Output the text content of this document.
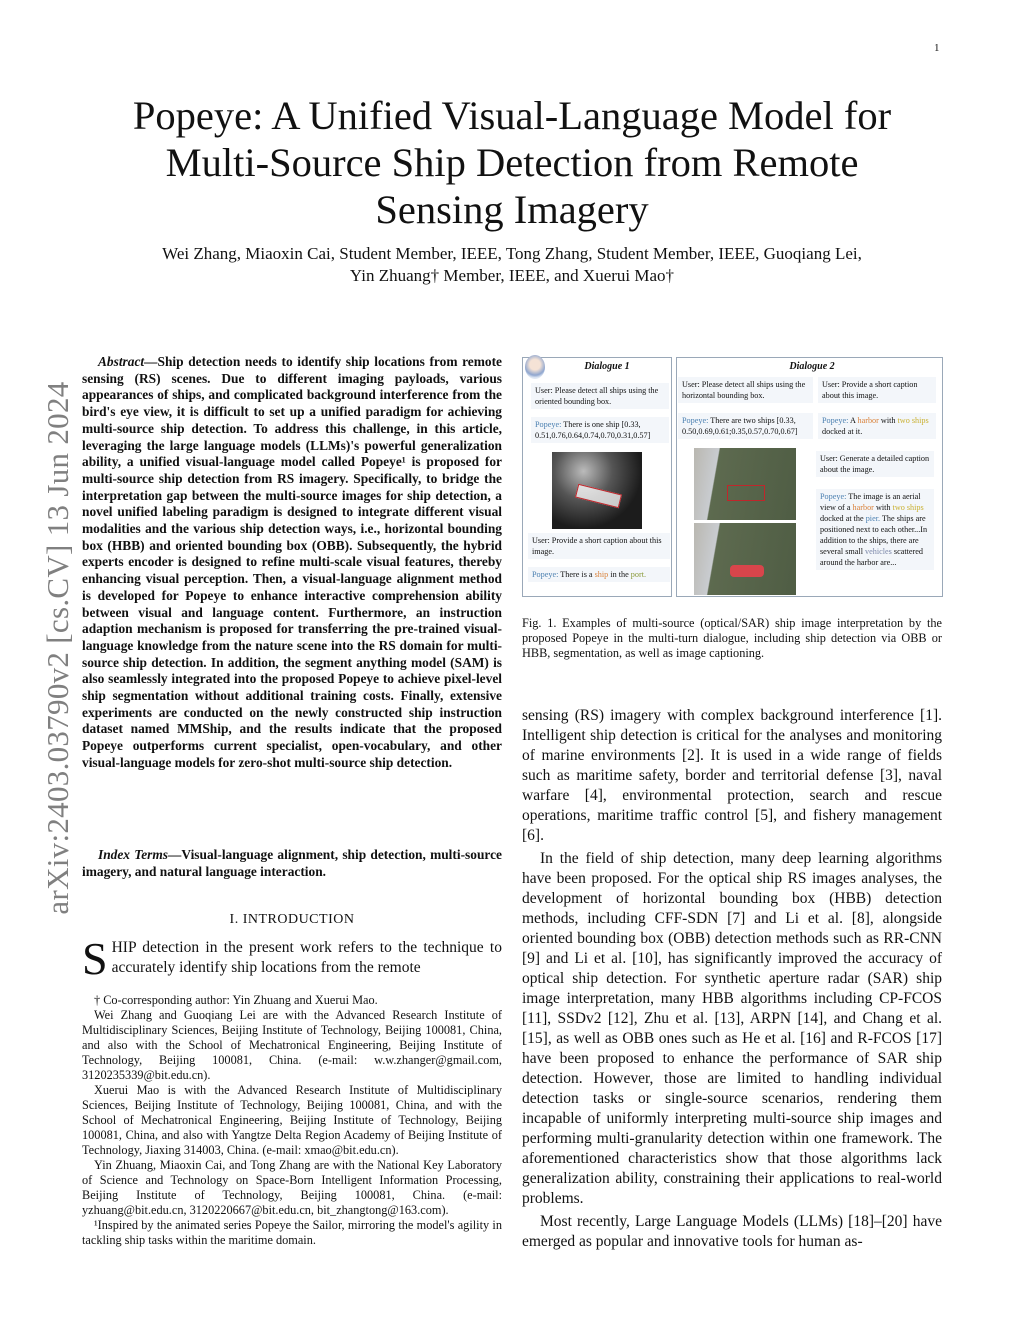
1
arXiv:2403.03790v2 [cs.CV] 13 Jun 2024
Popeye: A Unified Visual-Language Model for Multi-Source Ship Detection from Remote Sensing Imagery
Wei Zhang, Miaoxin Cai, Student Member, IEEE, Tong Zhang, Student Member, IEEE, Guoqiang Lei,
Yin Zhuang† Member, IEEE, and Xuerui Mao†
Abstract—Ship detection needs to identify ship locations from remote sensing (RS) scenes. Due to different imaging payloads, various appearances of ships, and complicated background interference from the bird's eye view, it is difficult to set up a unified paradigm for achieving multi-source ship detection. To address this challenge, in this article, leveraging the large language models (LLMs)'s powerful generalization ability, a unified visual-language model called Popeye¹ is proposed for multi-source ship detection from RS imagery. Specifically, to bridge the interpretation gap between the multi-source images for ship detection, a novel unified labeling paradigm is designed to integrate different visual modalities and the various ship detection ways, i.e., horizontal bounding box (HBB) and oriented bounding box (OBB). Subsequently, the hybrid experts encoder is designed to refine multi-scale visual features, thereby enhancing visual perception. Then, a visual-language alignment method is developed for Popeye to enhance interactive comprehension ability between visual and language content. Furthermore, an instruction adaption mechanism is proposed for transferring the pre-trained visual-language knowledge from the nature scene into the RS domain for multi-source ship detection. In addition, the segment anything model (SAM) is also seamlessly integrated into the proposed Popeye to achieve pixel-level ship segmentation without additional training costs. Finally, extensive experiments are conducted on the newly constructed ship instruction dataset named MMShip, and the results indicate that the proposed Popeye outperforms current specialist, open-vocabulary, and other visual-language models for zero-shot multi-source ship detection.
Index Terms—Visual-language alignment, ship detection, multi-source imagery, and natural language interaction.
I. INTRODUCTION
SHIP detection in the present work refers to the technique to accurately identify ship locations from the remote

† Co-corresponding author: Yin Zhuang and Xuerui Mao.

Wei Zhang and Guoqiang Lei are with the Advanced Research Institute of Multidisciplinary Sciences, Beijing Institute of Technology, Beijing 100081, China, and also with the School of Mechatronical Engineering, Beijing Institute of Technology, Beijing 100081, China. (e-mail: w.w.zhanger@gmail.com, 3120235339@bit.edu.cn).

Xuerui Mao is with the Advanced Research Institute of Multidisciplinary Sciences, Beijing Institute of Technology, Beijing 100081, China, and with the School of Mechatronical Engineering, Beijing Institute of Technology, Beijing 100081, China, and also with Yangtze Delta Region Academy of Beijing Institute of Technology, Jiaxing 314003, China. (e-mail: xmao@bit.edu.cn).

Yin Zhuang, Miaoxin Cai, and Tong Zhang are with the National Key Laboratory of Science and Technology on Space-Born Intelligent Information Processing, Beijing Institute of Technology, Beijing 100081, China. (e-mail: yzhuang@bit.edu.cn, 3120220667@bit.edu.cn, bit_zhangtong@163.com).

¹Inspired by the animated series Popeye the Sailor, mirroring the model's agility in tackling ship tasks within the maritime domain.

Dialogue 1	Dialogue 2
User: Please detect all ships using the oriented bounding box.
Popeye: There is one ship [0.33, 0.51,0.76,0.64,0.74,0.70,0.31,0.57]
User: Provide a short caption about this image.
Popeye: There is a ship in the port.
User: Please detect all ships using the horizontal bounding box.
Popeye: There are two ships [0.33, 0.50,0.69,0.61;0.35,0.57,0.70,0.67]
User: Provide a short caption about this image.
Popeye: A harbor with two ships docked at it.
User: Generate a detailed caption about the image.
Popeye: The image is an aerial view of a harbor with two ships docked at the pier. The ships are positioned next to each other...In addition to the ships, there are several small vehicles scattered around the harbor are...
Fig. 1. Examples of multi-source (optical/SAR) ship image interpretation by the proposed Popeye in the multi-turn dialogue, including ship detection via OBB or HBB, segmentation, as well as image captioning.

sensing (RS) imagery with complex background interference [1]. Intelligent ship detection is critical for the analyses and monitoring of marine environments [2]. It is used in a wide range of fields such as maritime safety, border and territorial defense [3], naval warfare [4], environmental protection, search and rescue operations, maritime traffic control [5], and fishery management [6].

In the field of ship detection, many deep learning algorithms have been proposed. For the optical ship RS images analyses, the development of horizontal bounding box (HBB) detection methods, including CFF-SDN [7] and Li et al. [8], alongside oriented bounding box (OBB) detection methods such as RR-CNN [9] and Li et al. [10], has significantly improved the accuracy of optical ship detection. For synthetic aperture radar (SAR) ship image interpretation, many HBB algorithms including CP-FCOS [11], SSDv2 [12], Zhu et al. [13], ARPN [14], and Chang et al. [15], as well as OBB ones such as He et al. [16] and R-FCOS [17] have been proposed to enhance the performance of SAR ship detection. However, those are limited to handling individual detection tasks or single-source scenarios, rendering them incapable of uniformly interpreting multi-source ship images and performing multi-granularity detection within one framework. The aforementioned characteristics show that those algorithms lack generalization ability, constraining their applications to real-world problems.

Most recently, Large Language Models (LLMs) [18]–[20] have emerged as popular and innovative tools for human as-
